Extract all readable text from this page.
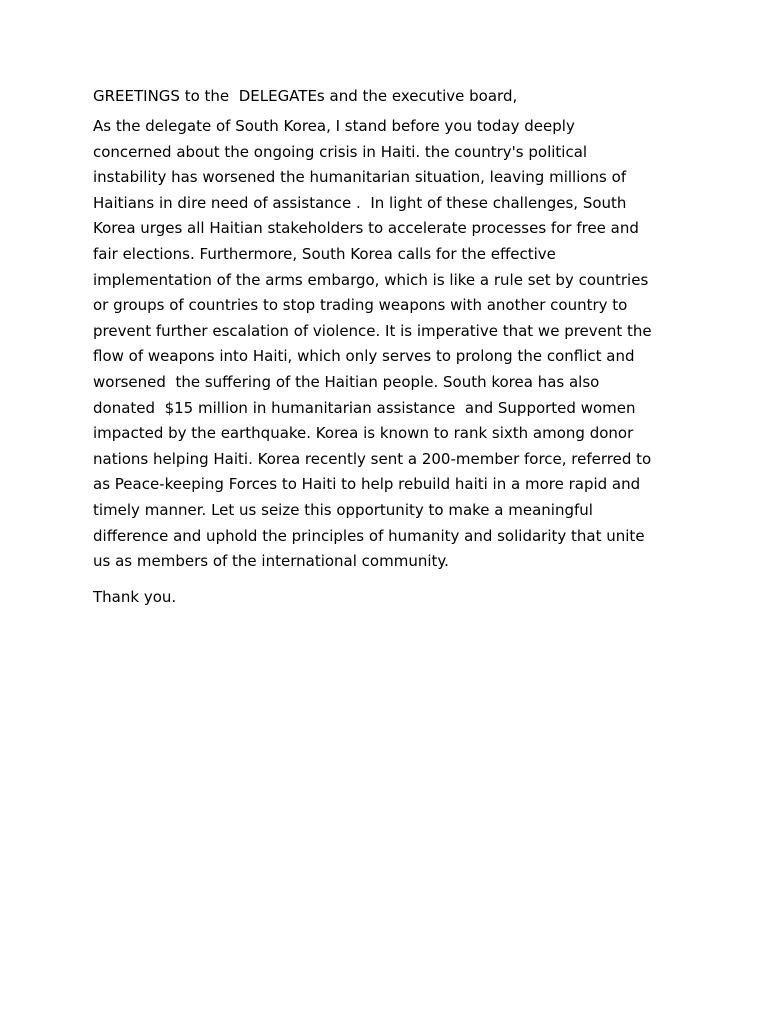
GREETINGS to the  DELEGATEs and the executive board,

As the delegate of South Korea, I stand before you today deeply
concerned about the ongoing crisis in Haiti. the country's political
instability has worsened the humanitarian situation, leaving millions of
Haitians in dire need of assistance .  In light of these challenges, South
Korea urges all Haitian stakeholders to accelerate processes for free and
fair elections. Furthermore, South Korea calls for the effective
implementation of the arms embargo, which is like a rule set by countries
or groups of countries to stop trading weapons with another country to
prevent further escalation of violence. It is imperative that we prevent the
flow of weapons into Haiti, which only serves to prolong the conflict and
worsened  the suffering of the Haitian people. South korea has also
donated  $15 million in humanitarian assistance  and Supported women
impacted by the earthquake. Korea is known to rank sixth among donor
nations helping Haiti. Korea recently sent a 200-member force, referred to
as Peace-keeping Forces to Haiti to help rebuild haiti in a more rapid and
timely manner. Let us seize this opportunity to make a meaningful
difference and uphold the principles of humanity and solidarity that unite
us as members of the international community.

Thank you.
